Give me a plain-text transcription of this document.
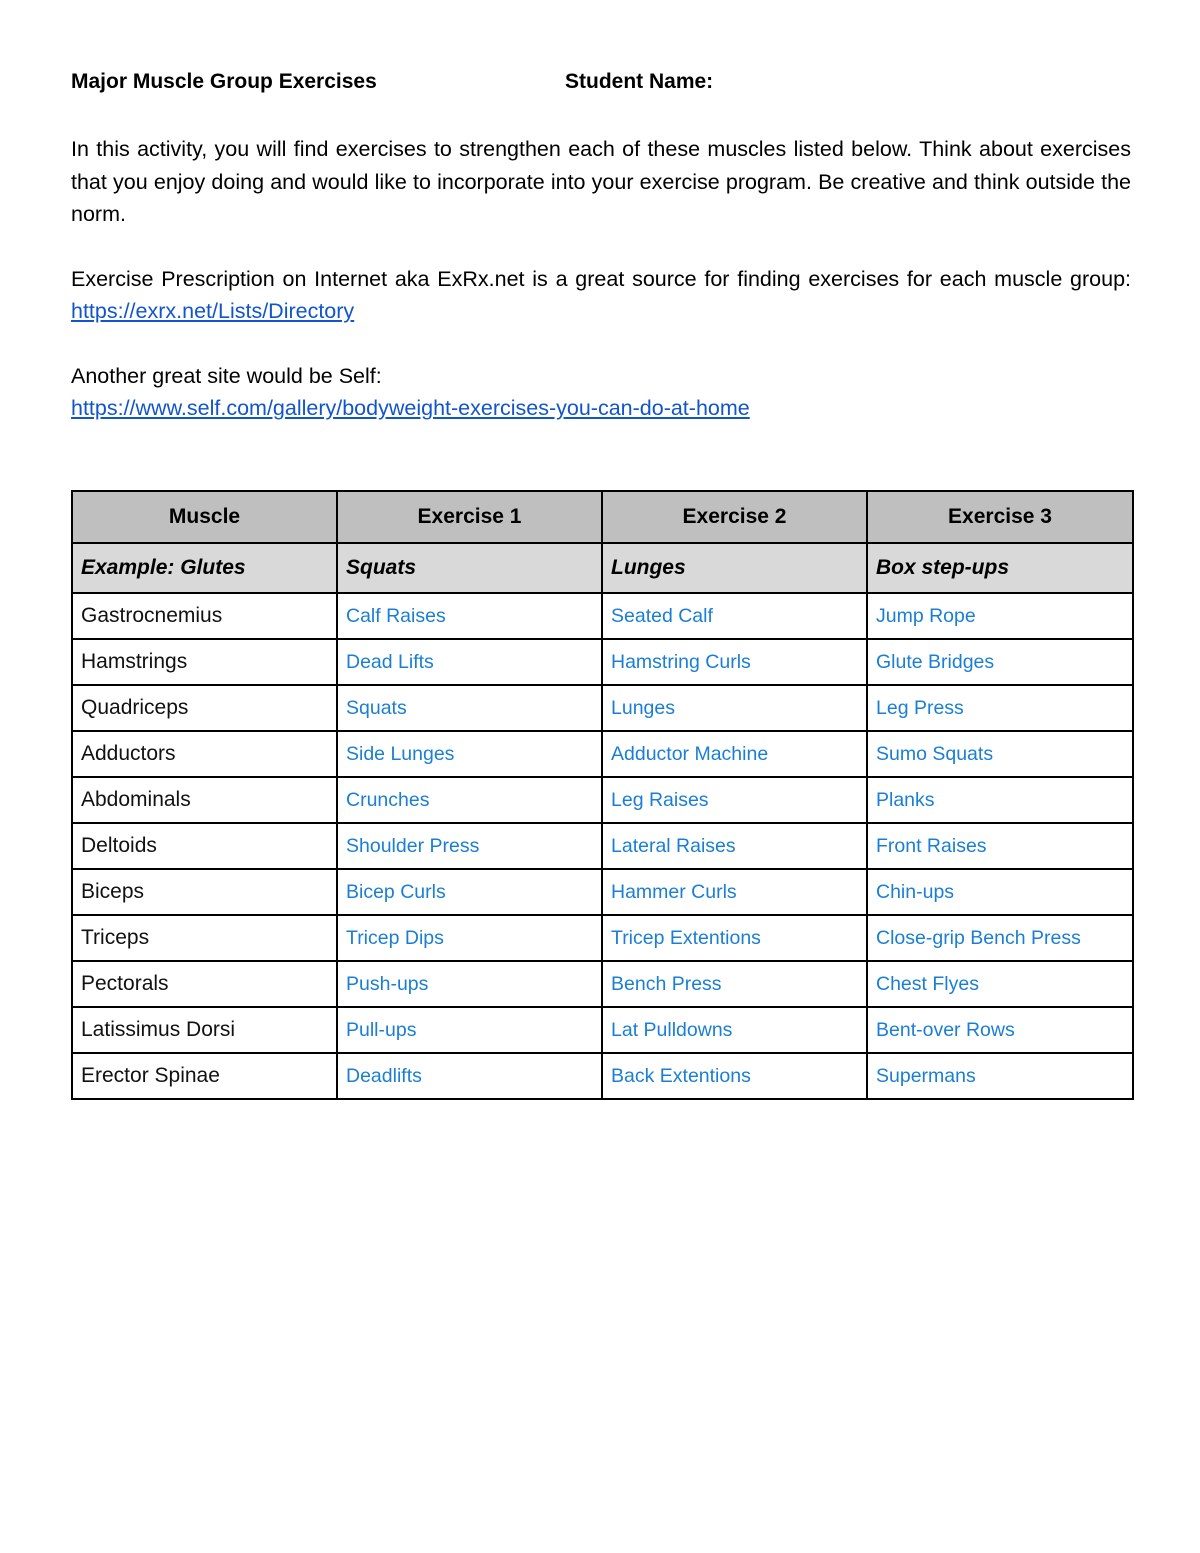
Major Muscle Group Exercises	Student Name:

In this activity, you will find exercises to strengthen each of these muscles listed below. Think about exercises that you enjoy doing and would like to incorporate into your exercise program. Be creative and think outside the norm.

Exercise Prescription on Internet aka ExRx.net is a great source for finding exercises for each muscle group: https://exrx.net/Lists/Directory

Another great site would be Self:
https://www.self.com/gallery/bodyweight-exercises-you-can-do-at-home

Muscle	Exercise 1	Exercise 2	Exercise 3
Example: Glutes	Squats	Lunges	Box step-ups
Gastrocnemius	Calf Raises	Seated Calf	Jump Rope
Hamstrings	Dead Lifts	Hamstring Curls	Glute Bridges
Quadriceps	Squats	Lunges	Leg Press
Adductors	Side Lunges	Adductor Machine	Sumo Squats
Abdominals	Crunches	Leg Raises	Planks
Deltoids	Shoulder Press	Lateral Raises	Front Raises
Biceps	Bicep Curls	Hammer Curls	Chin-ups
Triceps	Tricep Dips	Tricep Extentions	Close-grip Bench Press
Pectorals	Push-ups	Bench Press	Chest Flyes
Latissimus Dorsi	Pull-ups	Lat Pulldowns	Bent-over Rows
Erector Spinae	Deadlifts	Back Extentions	Supermans
